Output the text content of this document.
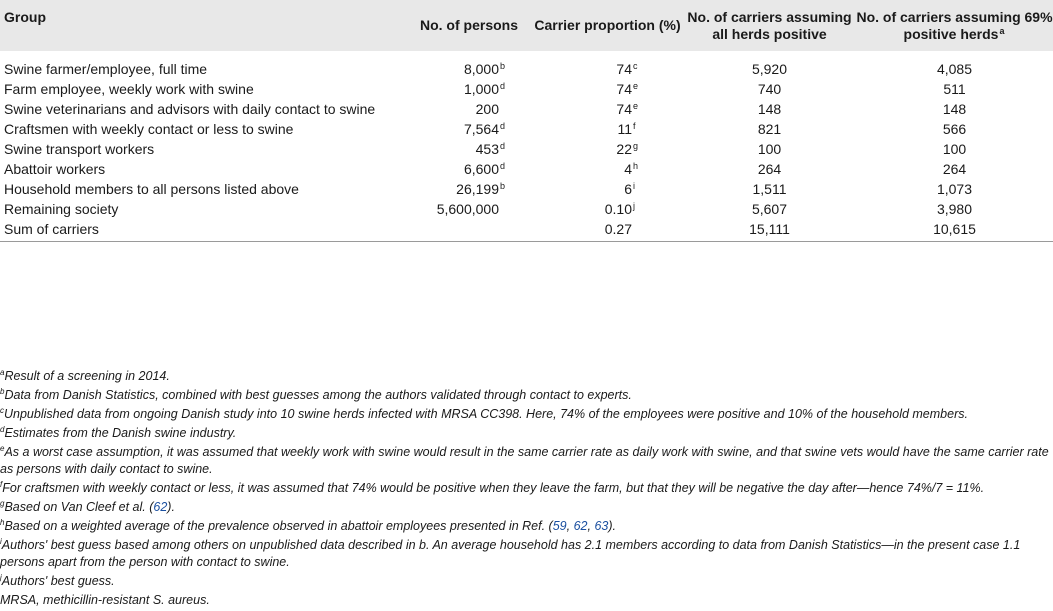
Group	No. of persons	Carrier proportion (%)	No. of carriers assuming all herds positive	No. of carriers assuming 69% positive herds$^a$

Swine farmer/employee, full time	8,000$^b$	74$^c$	5,920	4,085
Farm employee, weekly work with swine	1,000$^d$	74e	740	511
Swine veterinarians and advisors with daily contact to swine	200	74e	148	148
Craftsmen with weekly contact or less to swine	7,564$^d$	11$^f$	821	566
Swine transport workers	453$^d$	22$^g$	100	100
Abattoir workers	6,600$^d$	4$^h$	264	264
Household members to all persons listed above	26,199$^b$	6$^i$	1,511	1,073
Remaining society	5,600,000	0.10$^j$	5,607	3,980
Sum of carriers		0.27	15,111	10,615

$^a$Result of a screening in 2014.

$^b$Data from Danish Statistics, combined with best guesses among the authors validated through contact to experts.

$^c$Unpublished data from ongoing Danish study into 10 swine herds infected with MRSA CC398. Here, 74% of the employees were positive and 10% of the household members.

$^d$Estimates from the Danish swine industry.

$^e$As a worst case assumption, it was assumed that weekly work with swine would result in the same carrier rate as daily work with swine, and that swine vets would have the same carrier rate as persons with daily contact to swine.

$^f$For craftsmen with weekly contact or less, it was assumed that 74% would be positive when they leave the farm, but that they will be negative the day after—hence 74%/7 = 11%.

$^g$Based on Van Cleef et al. (62).

$^h$Based on a weighted average of the prevalence observed in abattoir employees presented in Ref. (59, 62, 63).

$^i$Authors' best guess based among others on unpublished data described in b. An average household has 2.1 members according to data from Danish Statistics—in the present case 1.1 persons apart from the person with contact to swine.

$^j$Authors' best guess.

MRSA, methicillin-resistant S. aureus.
